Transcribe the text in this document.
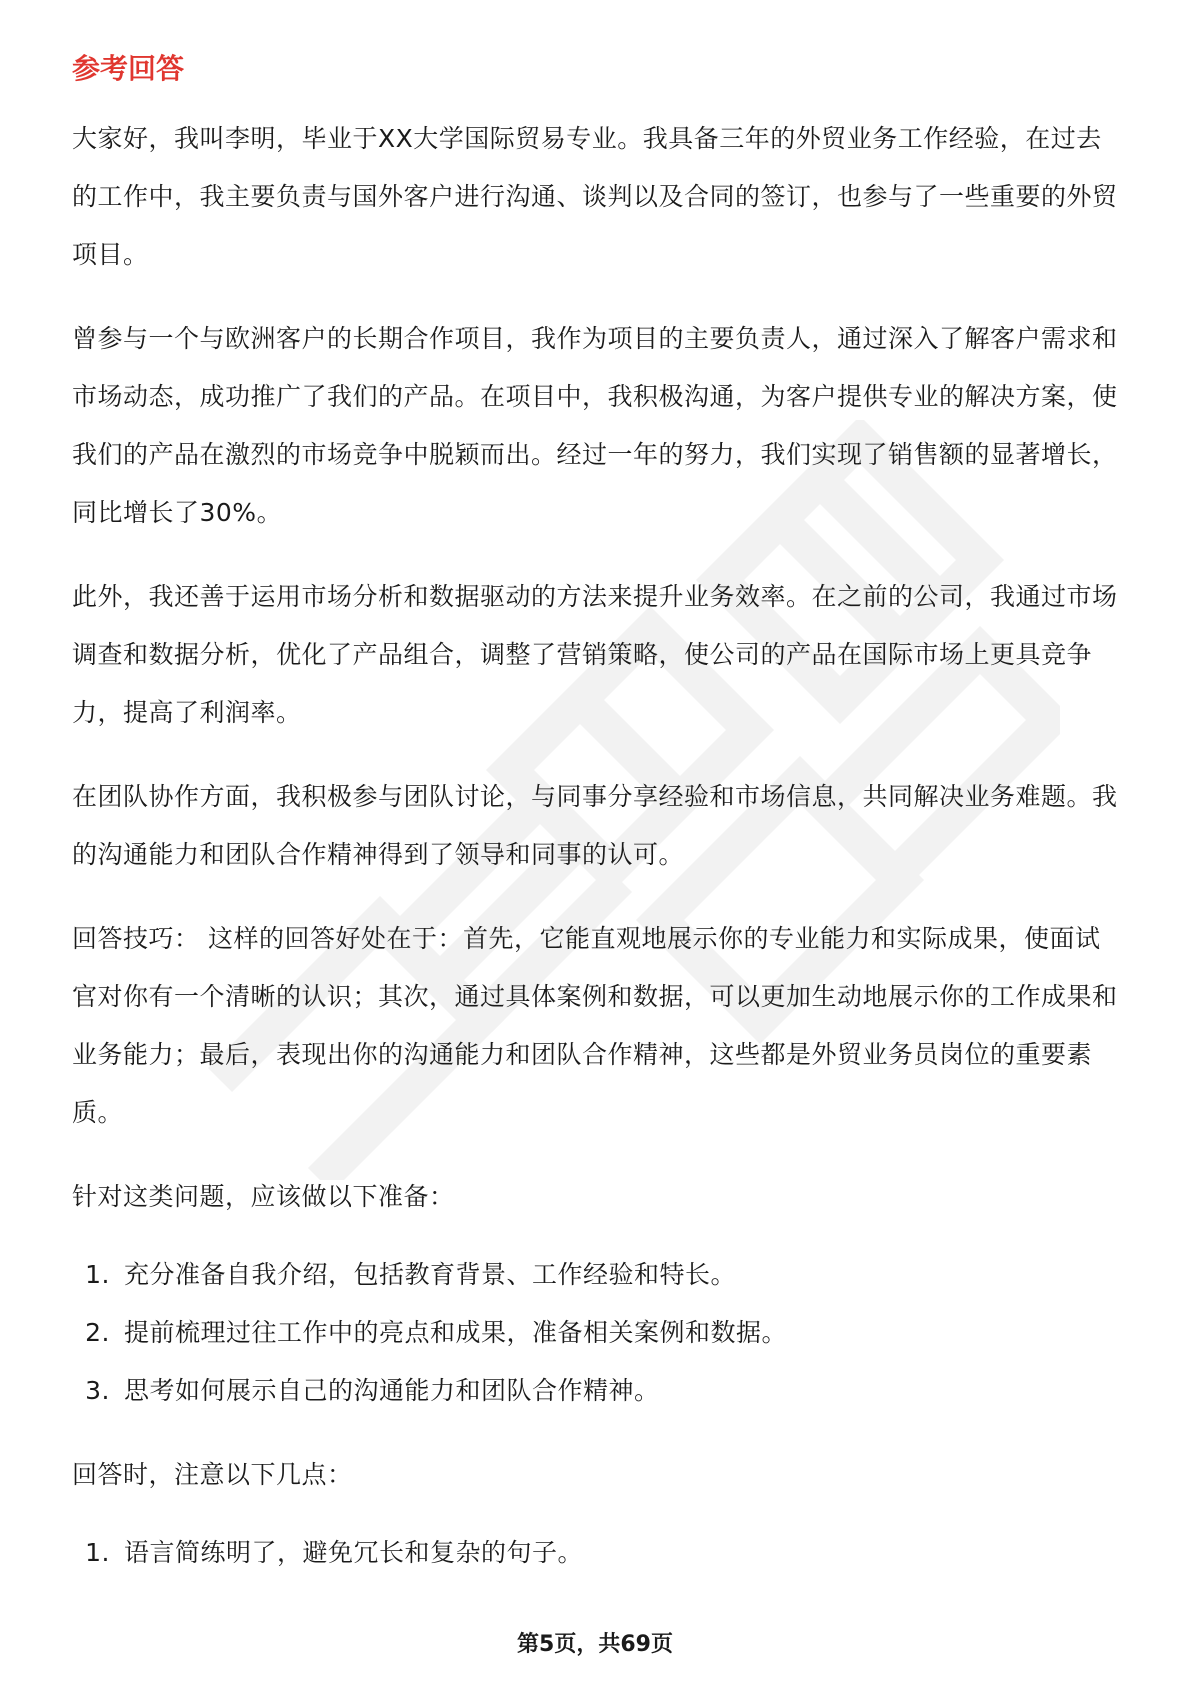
参考回答

大家好，我叫李明，毕业于XX大学国际贸易专业。我具备三年的外贸业务工作经验，在过去的工作中，我主要负责与国外客户进行沟通、谈判以及合同的签订，也参与了一些重要的外贸项目。

曾参与一个与欧洲客户的长期合作项目，我作为项目的主要负责人，通过深入了解客户需求和市场动态，成功推广了我们的产品。在项目中，我积极沟通，为客户提供专业的解决方案，使我们的产品在激烈的市场竞争中脱颖而出。经过一年的努力，我们实现了销售额的显著增长，同比增长了30%。

此外，我还善于运用市场分析和数据驱动的方法来提升业务效率。在之前的公司，我通过市场调查和数据分析，优化了产品组合，调整了营销策略，使公司的产品在国际市场上更具竞争力，提高了利润率。

在团队协作方面，我积极参与团队讨论，与同事分享经验和市场信息，共同解决业务难题。我的沟通能力和团队合作精神得到了领导和同事的认可。

回答技巧： 这样的回答好处在于：首先，它能直观地展示你的专业能力和实际成果，使面试官对你有一个清晰的认识；其次，通过具体案例和数据，可以更加生动地展示你的工作成果和业务能力；最后，表现出你的沟通能力和团队合作精神，这些都是外贸业务员岗位的重要素质。

针对这类问题，应该做以下准备：

1. 充分准备自我介绍，包括教育背景、工作经验和特长。
2. 提前梳理过往工作中的亮点和成果，准备相关案例和数据。
3. 思考如何展示自己的沟通能力和团队合作精神。

回答时，注意以下几点：

1. 语言简练明了，避免冗长和复杂的句子。
第5页，共69页
